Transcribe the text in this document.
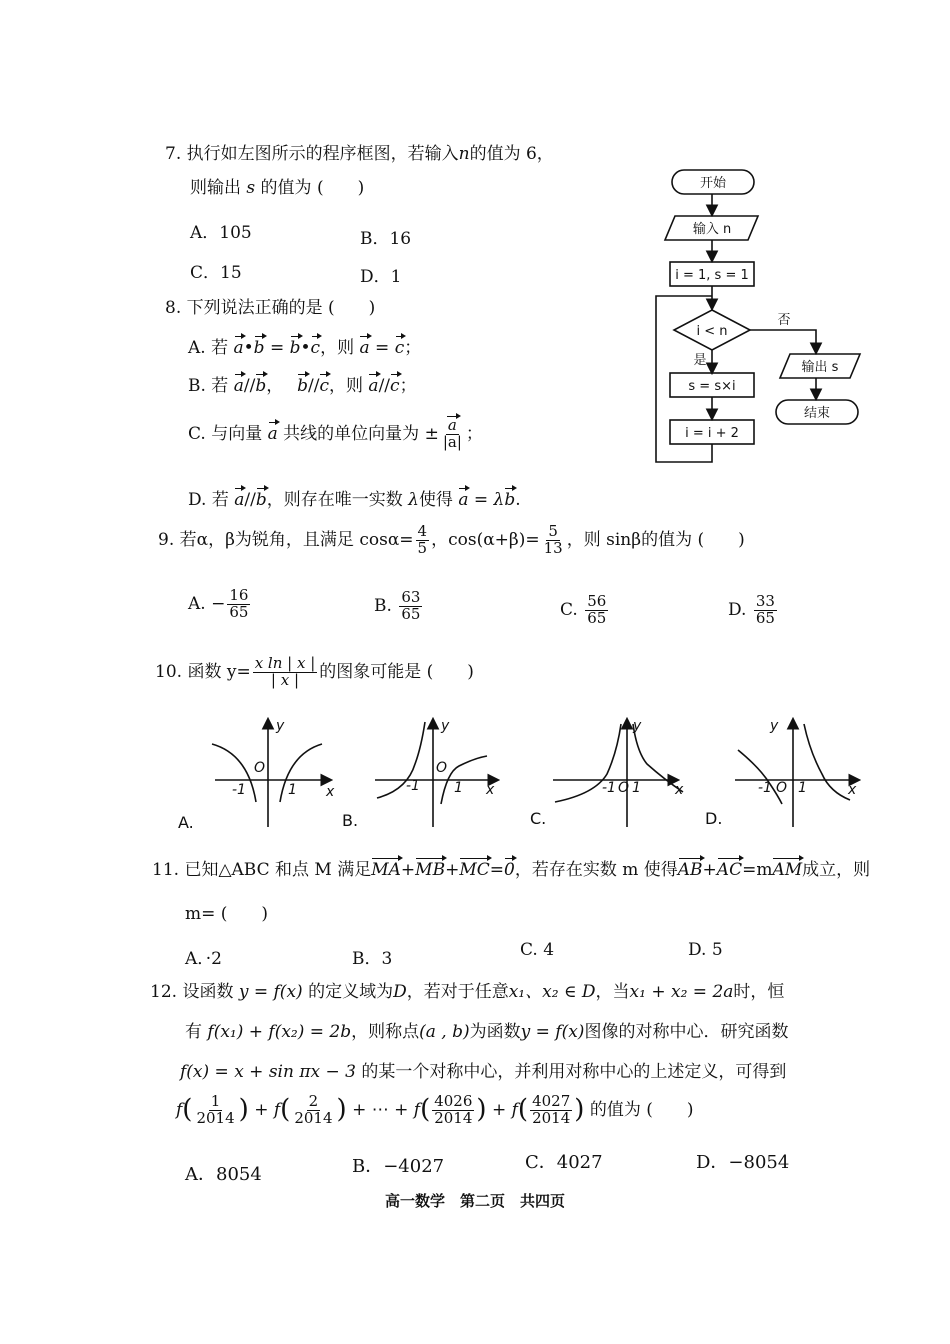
7. 执行如左图所示的程序框图，若输入n的值为 6，
则输出 s 的值为 (　　 )
A．105	B．16
C．15	D．1
开始
输入 n
i = 1, s = 1
i < n
否
是
s = s×i
i = i + 2
输出 s
结束
8. 下列说法正确的是 (　　)
A. 若 a•b = b•c，则 a = c；
B. 若 a//b，　 b//c，则 a//c；
C. 与向量 a 共线的单位向量为 ± $\frac{a}{|a|}$ ；
D. 若 a//b，则存在唯一实数 λ使得 a = λb.
9. 若α，β为锐角，且满足 $\cos\alpha= \frac{4}{5}$ ，$\cos(\alpha+\beta)= \frac{5}{13}$ ，则 sinβ的值为 (　　)
A. − $\frac{16}{65}$	B. $\frac{63}{65}$	C. $\frac{56}{65}$	D. $\frac{33}{65}$
10. 函数 $y= \frac{\text{x ln | x |}}{| x |}$ 的图象可能是 (　　)
y
x
O
-1	1
y
x
O
-1 1
y
x
-1 O 1
y
x
-1 O 1
A.	B.	C.	D.
11. 已知△ABC 和点 M 满足MA+MB+MC=0，若存在实数 m 使得AB+AC=mAM成立，则
m= (　　)
A．·2	B．3	C. 4	D. 5
12. 设函数 y = f(x) 的定义域为D，若对于任意x₁、x₂ ∈ D，当x₁ + x₂ = 2a时，恒
有 f(x₁) + f(x₂) = 2b，则称点(a , b)为函数y = f(x)图像的对称中心．研究函数
f(x) = x + sin πx − 3 的某一个对称中心，并利用对称中心的上述定义，可得到
$f( \frac{1}{2014}$ ) + $f( \frac{2}{2014}$ ) + ⋯ + $f( \frac{4026}{2014}$ ) + $f( \frac{4027}{2014}$ ) 的值为 (　　)
A．8054	B．−4027	C．4027	D．−8054
高一数学　第二页　共四页
